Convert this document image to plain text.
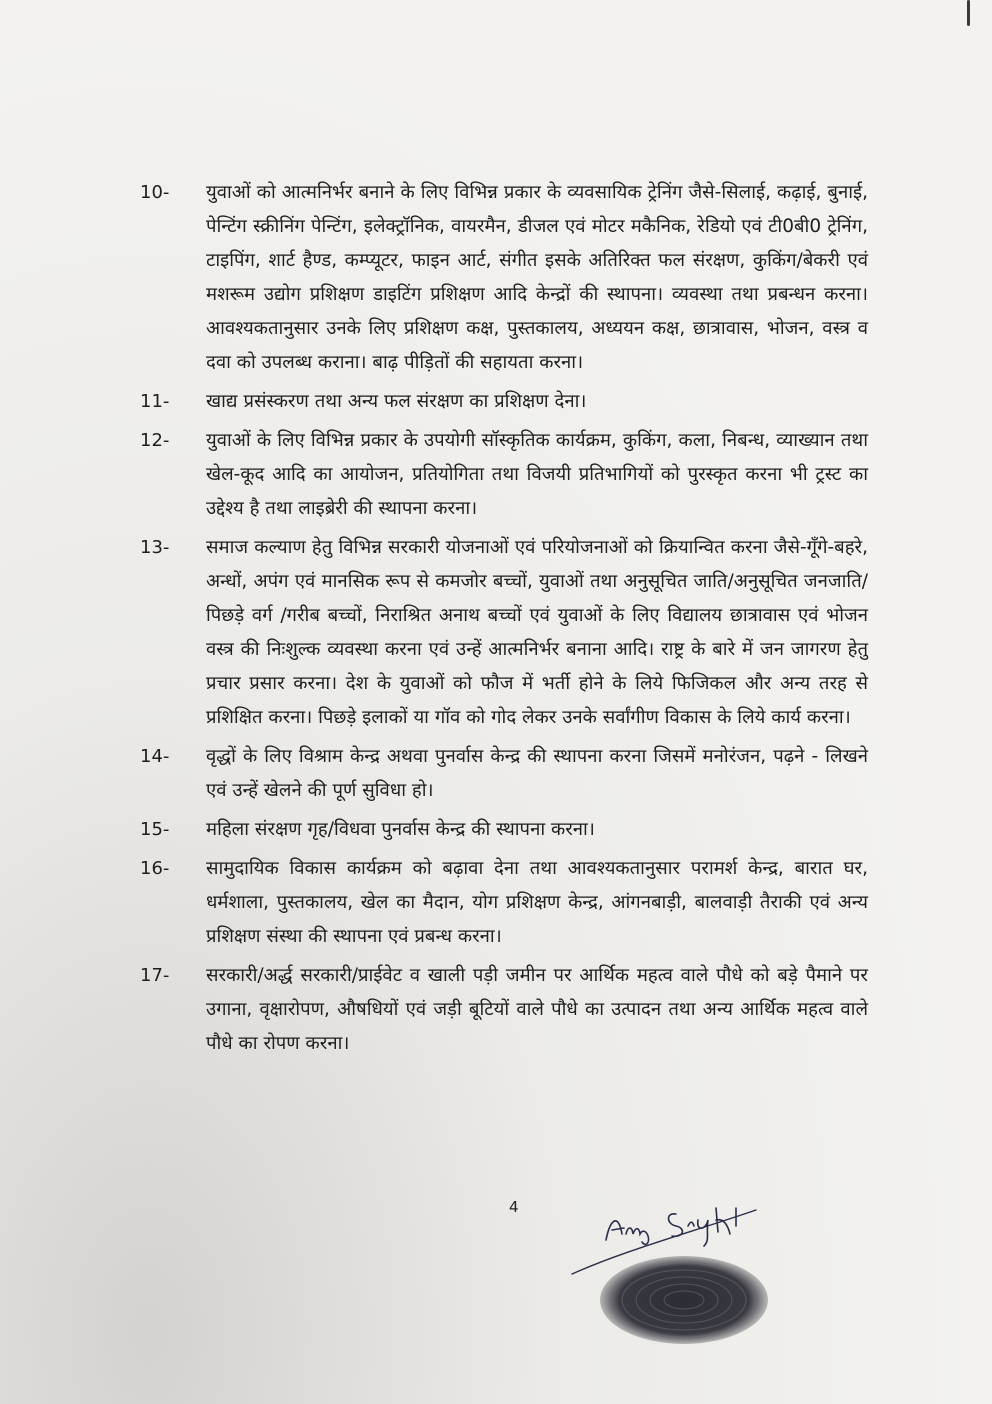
10-	युवाओं को आत्मनिर्भर बनाने के लिए विभिन्न प्रकार के व्यवसायिक ट्रेनिंग जैसे-सिलाई, कढ़ाई, बुनाई, पेन्टिंग स्क्रीनिंग पेन्टिंग, इलेक्ट्रॉनिक, वायरमैन, डीजल एवं मोटर मकैनिक, रेडियो एवं टी0बी0 ट्रेनिंग, टाइपिंग, शार्ट हैण्ड, कम्प्यूटर, फाइन आर्ट, संगीत इसके अतिरिक्त फल संरक्षण, कुकिंग/बेकरी एवं मशरूम उद्योग प्रशिक्षण डाइटिंग प्रशिक्षण आदि केन्द्रों की स्थापना। व्यवस्था तथा प्रबन्धन करना। आवश्यकतानुसार उनके लिए प्रशिक्षण कक्ष, पुस्तकालय, अध्ययन कक्ष, छात्रावास, भोजन, वस्त्र व दवा को उपलब्ध कराना। बाढ़ पीड़ितों की सहायता करना।
11-	खाद्य प्रसंस्करण तथा अन्य फल संरक्षण का प्रशिक्षण देना।
12-	युवाओं के लिए विभिन्न प्रकार के उपयोगी सॉस्कृतिक कार्यक्रम, कुकिंग, कला, निबन्ध, व्याख्यान तथा खेल-कूद आदि का आयोजन, प्रतियोगिता तथा विजयी प्रतिभागियों को पुरस्कृत करना भी ट्रस्ट का उद्देश्य है तथा लाइब्रेरी की स्थापना करना।
13-	समाज कल्याण हेतु विभिन्न सरकारी योजनाओं एवं परियोजनाओं को क्रियान्वित करना जैसे-गूँगे-बहरे, अन्धों, अपंग एवं मानसिक रूप से कमजोर बच्चों, युवाओं तथा अनुसूचित जाति/अनुसूचित जनजाति/पिछड़े वर्ग /गरीब बच्चों, निराश्रित अनाथ बच्चों एवं युवाओं के लिए विद्यालय छात्रावास एवं भोजन वस्त्र की निःशुल्क व्यवस्था करना एवं उन्हें आत्मनिर्भर बनाना आदि। राष्ट्र के बारे में जन जागरण हेतु प्रचार प्रसार करना। देश के युवाओं को फौज में भर्ती होने के लिये फिजिकल और अन्य तरह से प्रशिक्षित करना। पिछड़े इलाकों या गॉव को गोद लेकर उनके सर्वांगीण विकास के लिये कार्य करना।
14-	वृद्धों के लिए विश्राम केन्द्र अथवा पुनर्वास केन्द्र की स्थापना करना जिसमें मनोरंजन, पढ़ने - लिखने एवं उन्हें खेलने की पूर्ण सुविधा हो।
15-	महिला संरक्षण गृह/विधवा पुनर्वास केन्द्र की स्थापना करना।
16-	सामुदायिक विकास कार्यक्रम को बढ़ावा देना तथा आवश्यकतानुसार परामर्श केन्द्र, बारात घर, धर्मशाला, पुस्तकालय, खेल का मैदान, योग प्रशिक्षण केन्द्र, आंगनबाड़ी, बालवाड़ी तैराकी एवं अन्य प्रशिक्षण संस्था की स्थापना एवं प्रबन्ध करना।
17-	सरकारी/अर्द्ध सरकारी/प्राईवेट व खाली पड़ी जमीन पर आर्थिक महत्व वाले पौधे को बड़े पैमाने पर उगाना, वृक्षारोपण, औषधियों एवं जड़ी बूटियों वाले पौधे का उत्पादन तथा अन्य आर्थिक महत्व वाले पौधे का रोपण करना।
4
